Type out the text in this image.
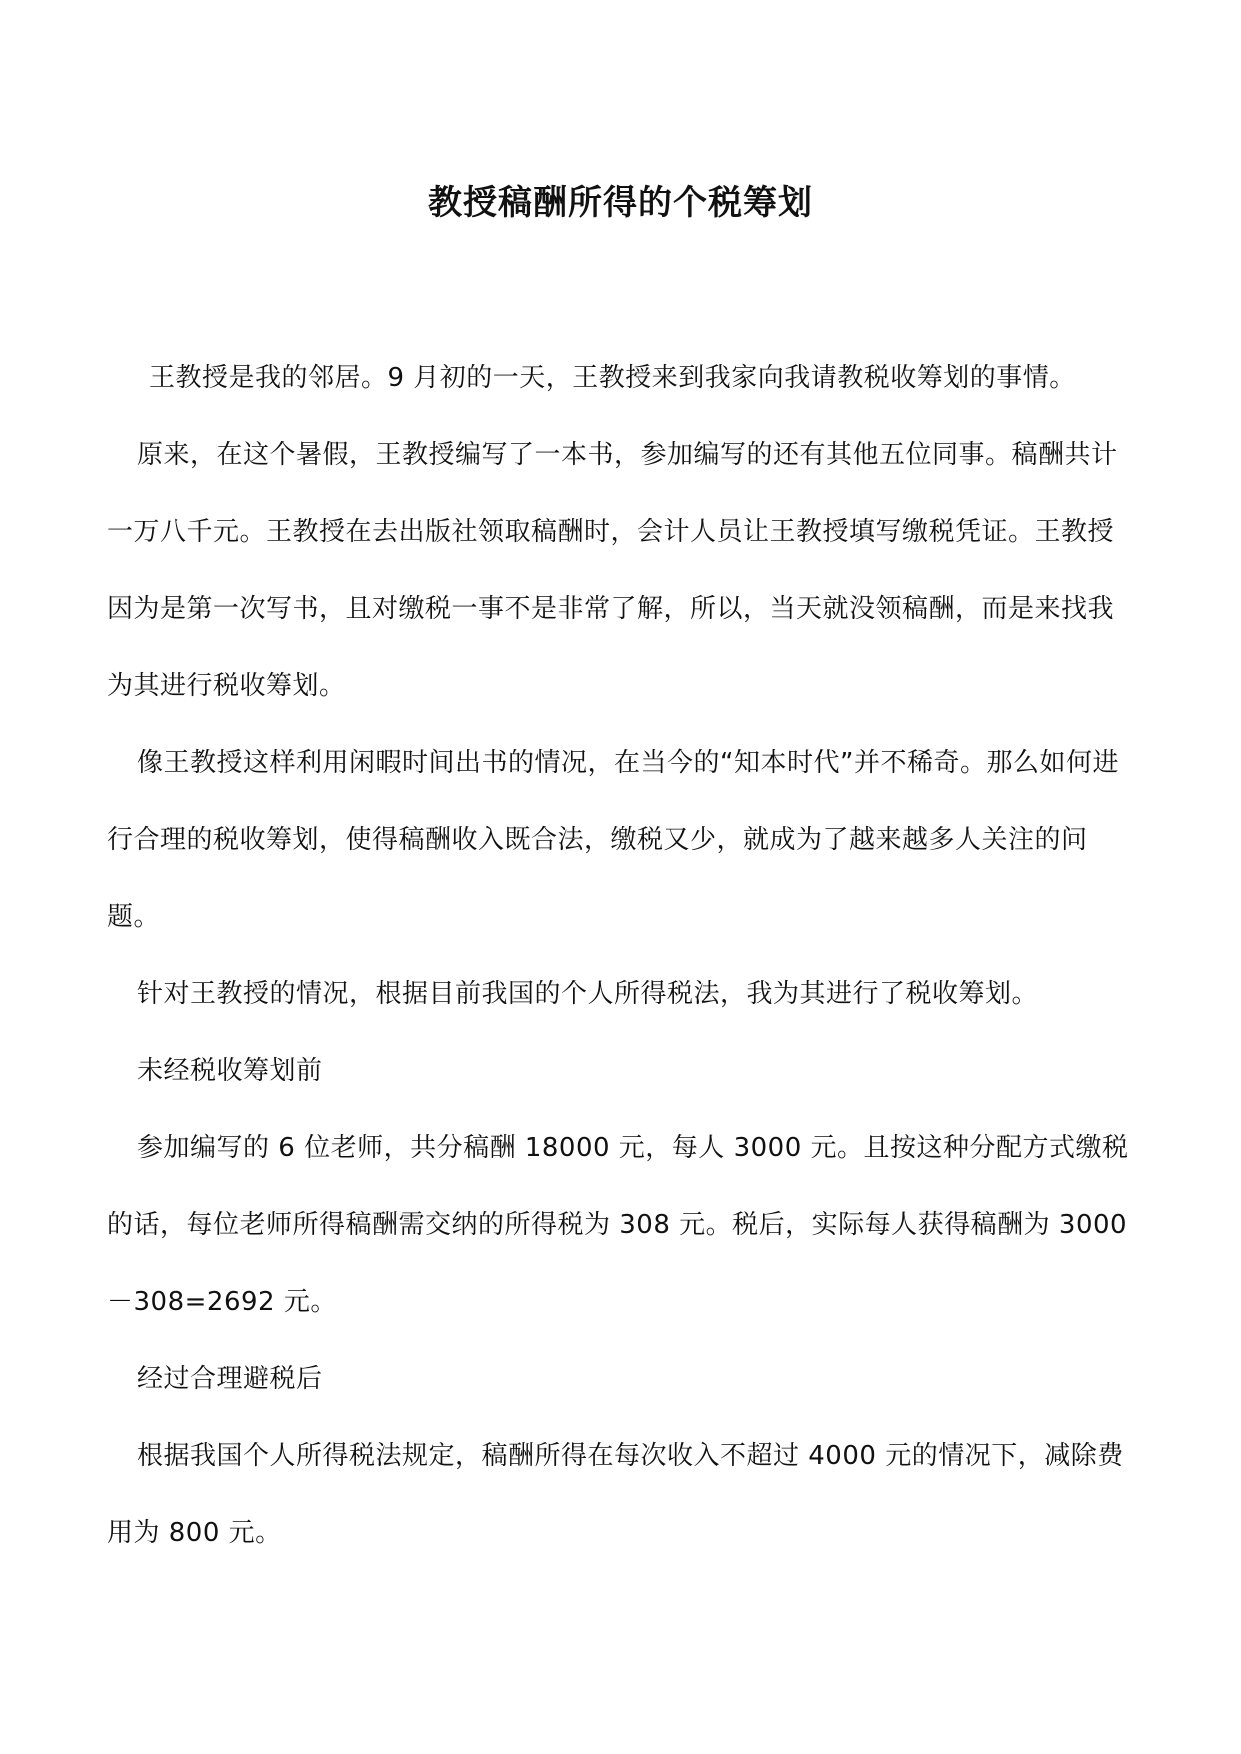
教授稿酬所得的个税筹划

王教授是我的邻居。9 月初的一天，王教授来到我家向我请教税收筹划的事情。

原来，在这个暑假，王教授编写了一本书，参加编写的还有其他五位同事。稿酬共计一万八千元。王教授在去出版社领取稿酬时，会计人员让王教授填写缴税凭证。王教授因为是第一次写书，且对缴税一事不是非常了解，所以，当天就没领稿酬，而是来找我为其进行税收筹划。

像王教授这样利用闲暇时间出书的情况，在当今的“知本时代”并不稀奇。那么如何进行合理的税收筹划，使得稿酬收入既合法，缴税又少，就成为了越来越多人关注的问题。

针对王教授的情况，根据目前我国的个人所得税法，我为其进行了税收筹划。

未经税收筹划前

参加编写的 6 位老师，共分稿酬 18000 元，每人 3000 元。且按这种分配方式缴税的话，每位老师所得稿酬需交纳的所得税为 308 元。税后，实际每人获得稿酬为 3000－308=2692 元。

经过合理避税后

根据我国个人所得税法规定，稿酬所得在每次收入不超过 4000 元的情况下，减除费用为 800 元。
